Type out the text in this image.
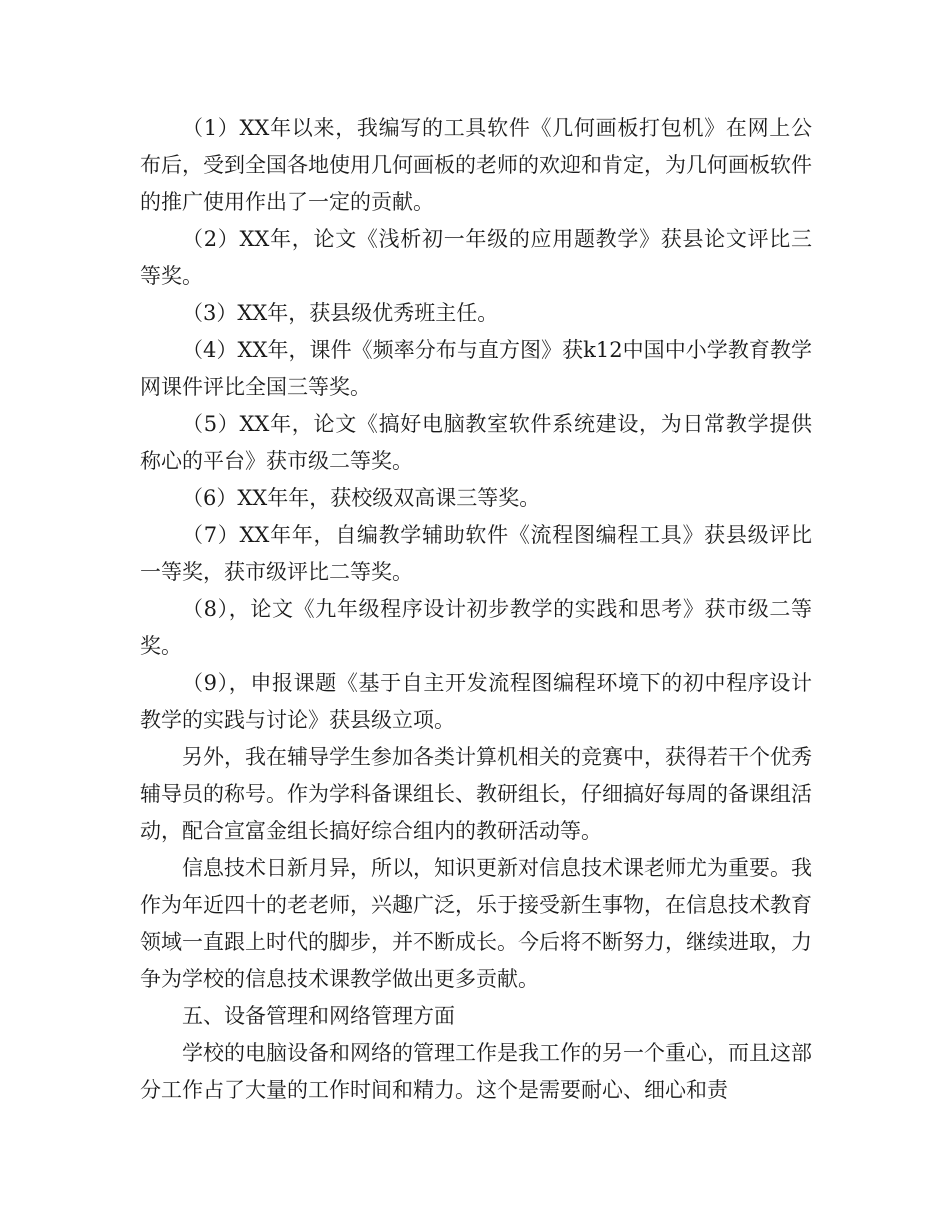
（1）XX年以来，我编写的工具软件《几何画板打包机》在网上公布后，受到全国各地使用几何画板的老师的欢迎和肯定，为几何画板软件的推广使用作出了一定的贡献。

（2）XX年，论文《浅析初一年级的应用题教学》获县论文评比三等奖。

（3）XX年，获县级优秀班主任。

（4）XX年，课件《频率分布与直方图》获k12中国中小学教育教学网课件评比全国三等奖。

（5）XX年，论文《搞好电脑教室软件系统建设，为日常教学提供称心的平台》获市级二等奖。

（6）XX年年，获校级双高课三等奖。

（7）XX年年，自编教学辅助软件《流程图编程工具》获县级评比一等奖，获市级评比二等奖。

（8），论文《九年级程序设计初步教学的实践和思考》获市级二等奖。

（9），申报课题《基于自主开发流程图编程环境下的初中程序设计教学的实践与讨论》获县级立项。

另外，我在辅导学生参加各类计算机相关的竞赛中，获得若干个优秀辅导员的称号。作为学科备课组长、教研组长，仔细搞好每周的备课组活动，配合宣富金组长搞好综合组内的教研活动等。

信息技术日新月异，所以，知识更新对信息技术课老师尤为重要。我作为年近四十的老老师，兴趣广泛，乐于接受新生事物，在信息技术教育领域一直跟上时代的脚步，并不断成长。今后将不断努力，继续进取，力争为学校的信息技术课教学做出更多贡献。

五、设备管理和网络管理方面

学校的电脑设备和网络的管理工作是我工作的另一个重心，而且这部分工作占了大量的工作时间和精力。这个是需要耐心、细心和责
